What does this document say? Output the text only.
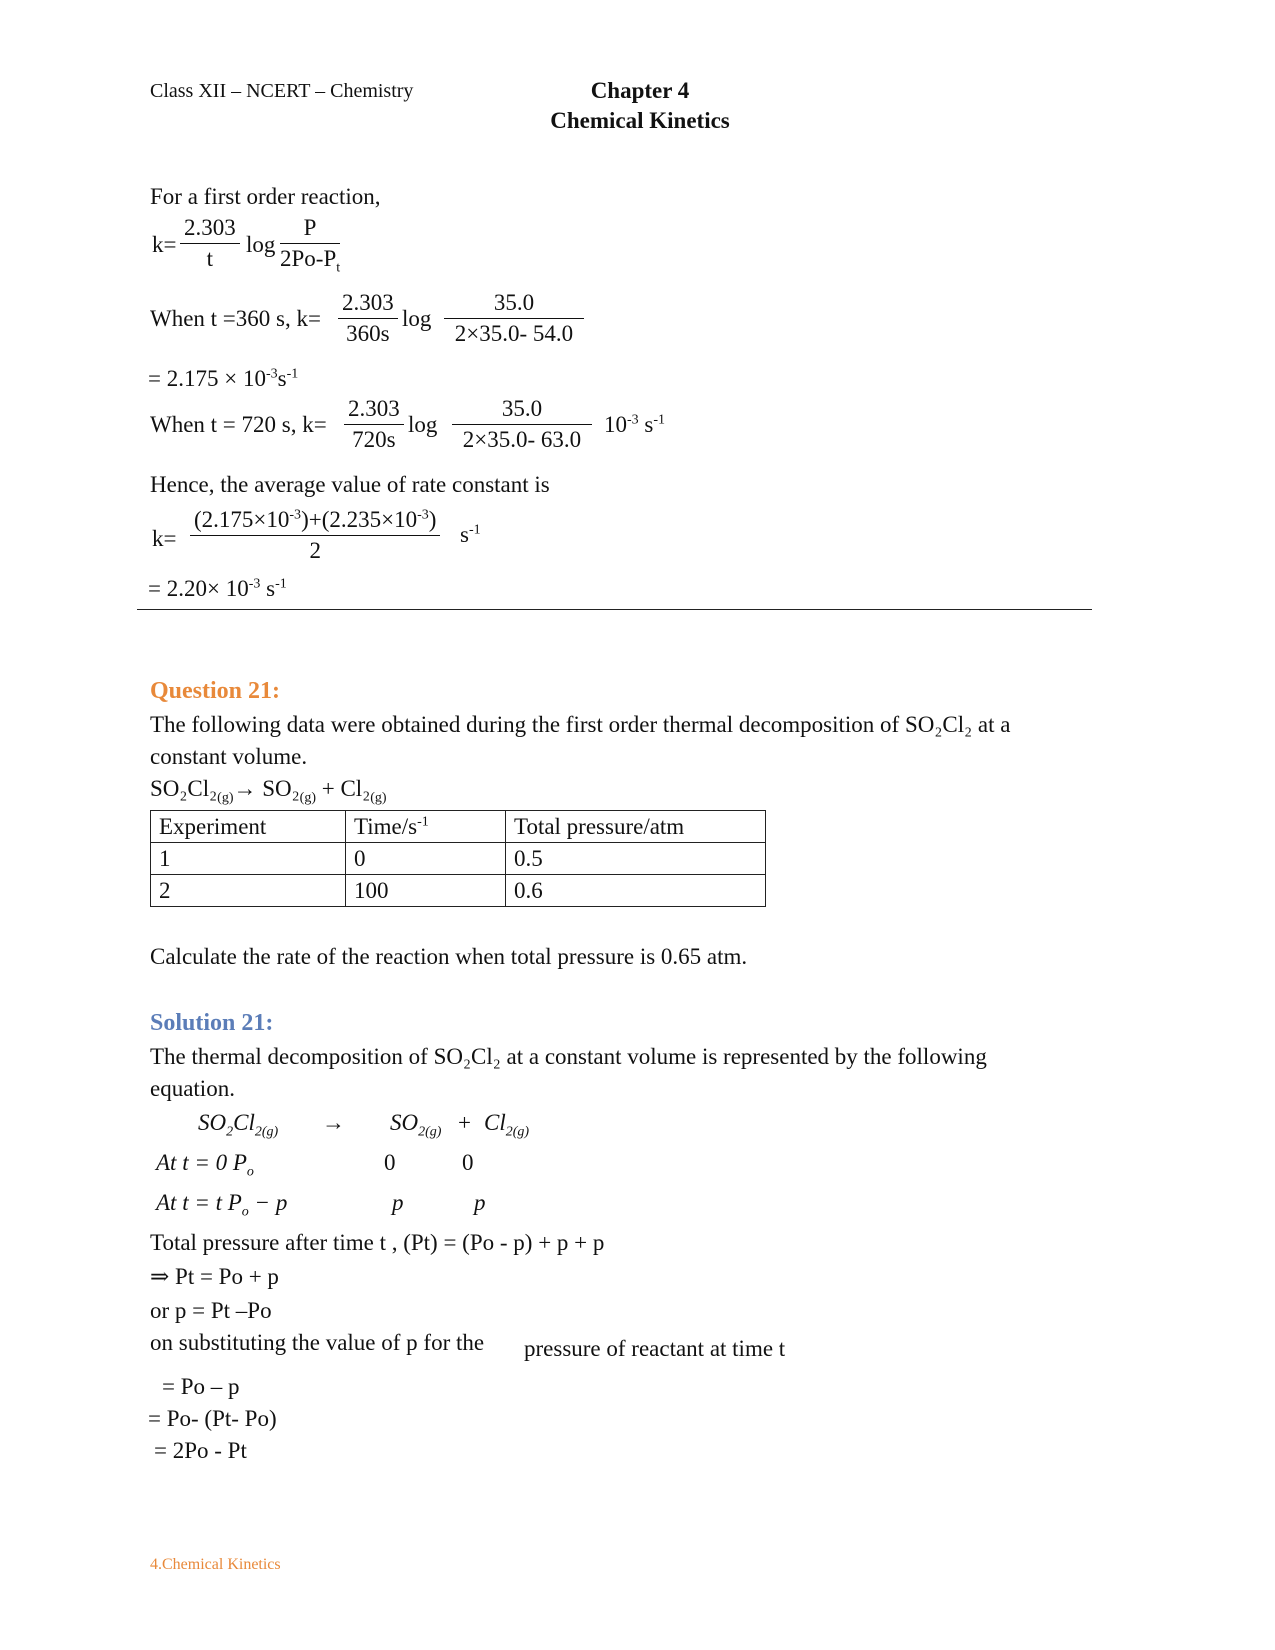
Class XII – NCERT – Chemistry	Chapter 4
Chemical Kinetics
For a first order reaction,
$k= \frac{2.303}{t}$ $\log \frac{P}{2Po-P_t}$
When t =360 s, $k= \frac{2.303}{360s}$ $\log \frac{35.0}{2\times 35.0- 54.0}$
= $2.175 \times 10^{-3}s^{-1}$
When t = 720 s, $k= \frac{2.303}{720s}$ $\log \frac{35.0}{2\times 35.0- 63.0} 10^{-3}$ $s^{-1}$
Hence, the average value of rate constant is
$k= \frac{(2.175\times 10^{-3})+(2.235\times 10^{-3})}{2} s^{-1}$
= $2.20\times 10^{-3}$ $s^{-1}$
Question 21:
The following data were obtained during the first order thermal decomposition of SO₂Cl₂ at a
constant volume.
$SO_2Cl_2_{(g)}\to SO_2_{(g)} + Cl_2_{(g)}$
Experiment	Time/$s^{-1}$	Total pressure/atm
1	0	0.5
2	100	0.6
Calculate the rate of the reaction when total pressure is 0.65 atm.
Solution 21:
The thermal decomposition of SO₂Cl₂ at a constant volume is represented by the following
equation.
$SO_2Cl_{2(g)} \to SO_{2(g)} + Cl_{2(g)}$
At t = 0 $P_o$	0	0
At t = t $P_o - p$	p	p
Total pressure after time t , (Pt) = (Po - p) + p + p
⇒ Pt = Po + p
or p = Pt –Po
on substituting the value of p for the pressure of reactant at time t
= Po – p
= Po- (Pt- Po)
= 2Po - Pt
4.Chemical Kinetics
